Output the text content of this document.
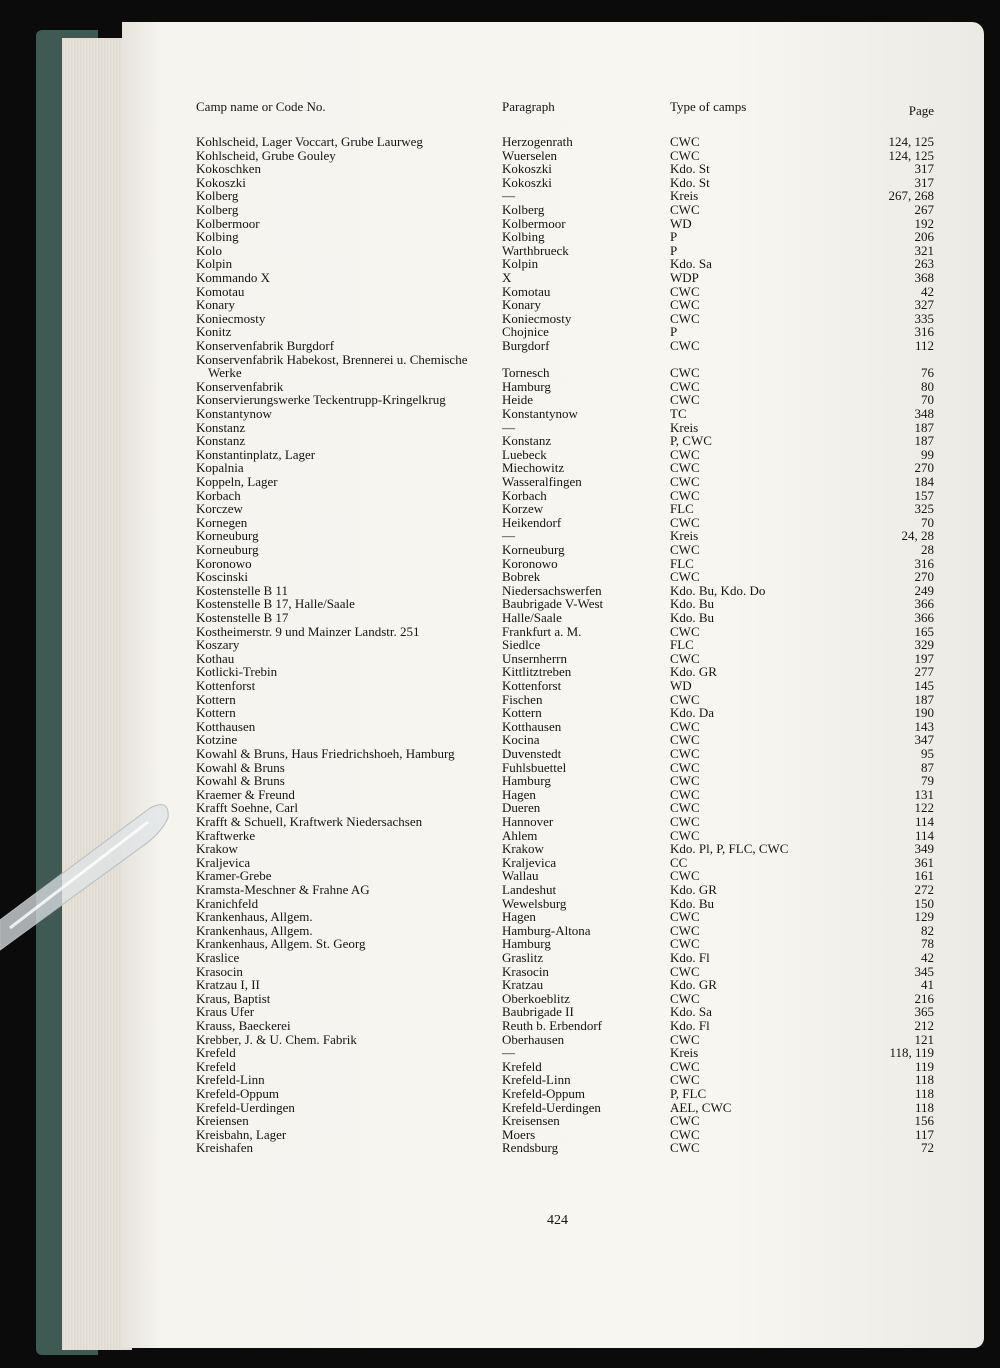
Camp name or Code No.	Paragraph	Type of camps	Page
Kohlscheid, Lager Voccart, Grube Laurweg	Herzogenrath	CWC	124, 125
Kohlscheid, Grube Gouley	Wuerselen	CWC	124, 125
Kokoschken	Kokoszki	Kdo. St	317
Kokoszki	Kokoszki	Kdo. St	317
Kolberg	—	Kreis	267, 268
Kolberg	Kolberg	CWC	267
Kolbermoor	Kolbermoor	WD	192
Kolbing	Kolbing	P	206
Kolo	Warthbrueck	P	321
Kolpin	Kolpin	Kdo. Sa	263
Kommando X	X	WDP	368
Komotau	Komotau	CWC	42
Konary	Konary	CWC	327
Koniecmosty	Koniecmosty	CWC	335
Konitz	Chojnice	P	316
Konservenfabrik Burgdorf	Burgdorf	CWC	112
Konservenfabrik Habekost, Brennerei u. Chemische
Werke	Tornesch	CWC	76
Konservenfabrik	Hamburg	CWC	80
Konservierungswerke Teckentrupp-Kringelkrug	Heide	CWC	70
Konstantynow	Konstantynow	TC	348
Konstanz	—	Kreis	187
Konstanz	Konstanz	P, CWC	187
Konstantinplatz, Lager	Luebeck	CWC	99
Kopalnia	Miechowitz	CWC	270
Koppeln, Lager	Wasseralfingen	CWC	184
Korbach	Korbach	CWC	157
Korczew	Korzew	FLC	325
Kornegen	Heikendorf	CWC	70
Korneuburg	—	Kreis	24, 28
Korneuburg	Korneuburg	CWC	28
Koronowo	Koronowo	FLC	316
Koscinski	Bobrek	CWC	270
Kostenstelle B 11	Niedersachswerfen	Kdo. Bu, Kdo. Do	249
Kostenstelle B 17, Halle/Saale	Baubrigade V-West	Kdo. Bu	366
Kostenstelle B 17	Halle/Saale	Kdo. Bu	366
Kostheimerstr. 9 und Mainzer Landstr. 251	Frankfurt a. M.	CWC	165
Koszary	Siedlce	FLC	329
Kothau	Unsernherrn	CWC	197
Kotlicki-Trebin	Kittlitztreben	Kdo. GR	277
Kottenforst	Kottenforst	WD	145
Kottern	Fischen	CWC	187
Kottern	Kottern	Kdo. Da	190
Kotthausen	Kotthausen	CWC	143
Kotzine	Kocina	CWC	347
Kowahl & Bruns, Haus Friedrichshoeh, Hamburg	Duvenstedt	CWC	95
Kowahl & Bruns	Fuhlsbuettel	CWC	87
Kowahl & Bruns	Hamburg	CWC	79
Kraemer & Freund	Hagen	CWC	131
Krafft Soehne, Carl	Dueren	CWC	122
Krafft & Schuell, Kraftwerk Niedersachsen	Hannover	CWC	114
Kraftwerke	Ahlem	CWC	114
Krakow	Krakow	Kdo. Pl, P, FLC, CWC	349
Kraljevica	Kraljevica	CC	361
Kramer-Grebe	Wallau	CWC	161
Kramsta-Meschner & Frahne AG	Landeshut	Kdo. GR	272
Kranichfeld	Wewelsburg	Kdo. Bu	150
Krankenhaus, Allgem.	Hagen	CWC	129
Krankenhaus, Allgem.	Hamburg-Altona	CWC	82
Krankenhaus, Allgem. St. Georg	Hamburg	CWC	78
Kraslice	Graslitz	Kdo. Fl	42
Krasocin	Krasocin	CWC	345
Kratzau I, II	Kratzau	Kdo. GR	41
Kraus, Baptist	Oberkoeblitz	CWC	216
Kraus Ufer	Baubrigade II	Kdo. Sa	365
Krauss, Baeckerei	Reuth b. Erbendorf	Kdo. Fl	212
Krebber, J. & U. Chem. Fabrik	Oberhausen	CWC	121
Krefeld	—	Kreis	118, 119
Krefeld	Krefeld	CWC	119
Krefeld-Linn	Krefeld-Linn	CWC	118
Krefeld-Oppum	Krefeld-Oppum	P, FLC	118
Krefeld-Uerdingen	Krefeld-Uerdingen	AEL, CWC	118
Kreiensen	Kreisensen	CWC	156
Kreisbahn, Lager	Moers	CWC	117
Kreishafen	Rendsburg	CWC	72
424
